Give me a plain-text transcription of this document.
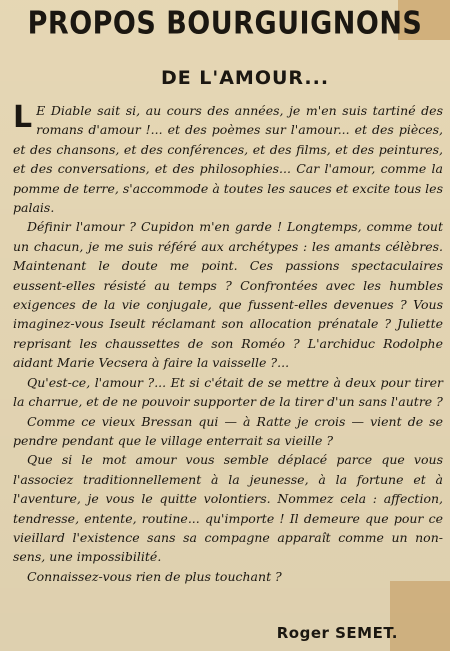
PROPOS BOURGUIGNONS
DE L'AMOUR...

L E Diable sait si, au cours des années, je m'en suis tartiné des romans d'amour !... et des poèmes sur l'amour... et des pièces, et des chansons, et des conférences, et des films, et des peintures, et des conversations, et des philosophies... Car l'amour, comme la pomme de terre, s'accommode à toutes les sauces et excite tous les palais.

Définir l'amour ? Cupidon m'en garde ! Longtemps, comme tout un chacun, je me suis référé aux archétypes : les amants célèbres. Maintenant le doute me point. Ces passions spectaculaires eussent-elles résisté au temps ? Confrontées avec les humbles exigences de la vie conjugale, que fussent-elles devenues ? Vous imaginez-vous Iseult réclamant son allocation prénatale ? Juliette reprisant les chaussettes de son Roméo ? L'archiduc Rodolphe aidant Marie Vecsera à faire la vaisselle ?...

Qu'est-ce, l'amour ?... Et si c'était de se mettre à deux pour tirer la charrue, et de ne pouvoir supporter de la tirer d'un sans l'autre ?

Comme ce vieux Bressan qui — à Ratte je crois — vient de se pendre pendant que le village enterrait sa vieille ?

Que si le mot amour vous semble déplacé parce que vous l'associez traditionnellement à la jeunesse, à la fortune et à l'aventure, je vous le quitte volontiers. Nommez cela : affection, tendresse, entente, routine... qu'importe ! Il demeure que pour ce vieillard l'existence sans sa compagne apparaît comme un non-sens, une impossibilité.

Connaissez-vous rien de plus touchant ?

Roger SEMET.
